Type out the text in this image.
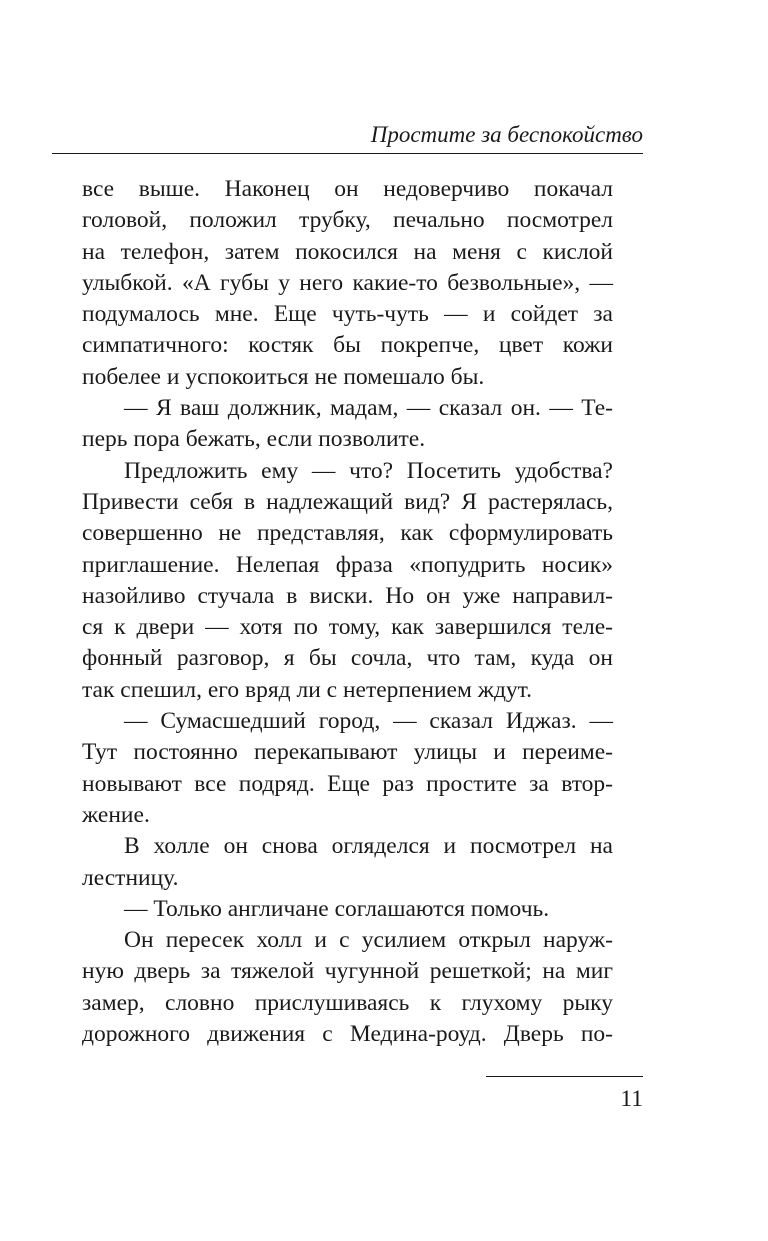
Простите за беспокойство

все выше. Наконец он недоверчиво покачал

головой, положил трубку, печально посмотрел

на телефон, затем покосился на меня с кислой

улыбкой. «А губы у него какие-то безвольные», —

подумалось мне. Еще чуть-чуть — и сойдет за

симпатичного: костяк бы покрепче, цвет кожи

побелее и успокоиться не помешало бы.

— Я ваш должник, мадам, — сказал он. — Те-

перь пора бежать, если позволите.

Предложить ему — что? Посетить удобства?

Привести себя в надлежащий вид? Я растерялась,

совершенно не представляя, как сформулировать

приглашение. Нелепая фраза «попудрить носик»

назойливо стучала в виски. Но он уже направил-

ся к двери — хотя по тому, как завершился теле-

фонный разговор, я бы сочла, что там, куда он

так спешил, его вряд ли с нетерпением ждут.

— Сумасшедший город, — сказал Иджаз. —

Тут постоянно перекапывают улицы и переиме-

новывают все подряд. Еще раз простите за втор-

жение.

В холле он снова огляделся и посмотрел на

лестницу.

— Только англичане соглашаются помочь.

Он пересек холл и с усилием открыл наруж-

ную дверь за тяжелой чугунной решеткой; на миг

замер, словно прислушиваясь к глухому рыку

дорожного движения с Медина-роуд. Дверь по-

11
